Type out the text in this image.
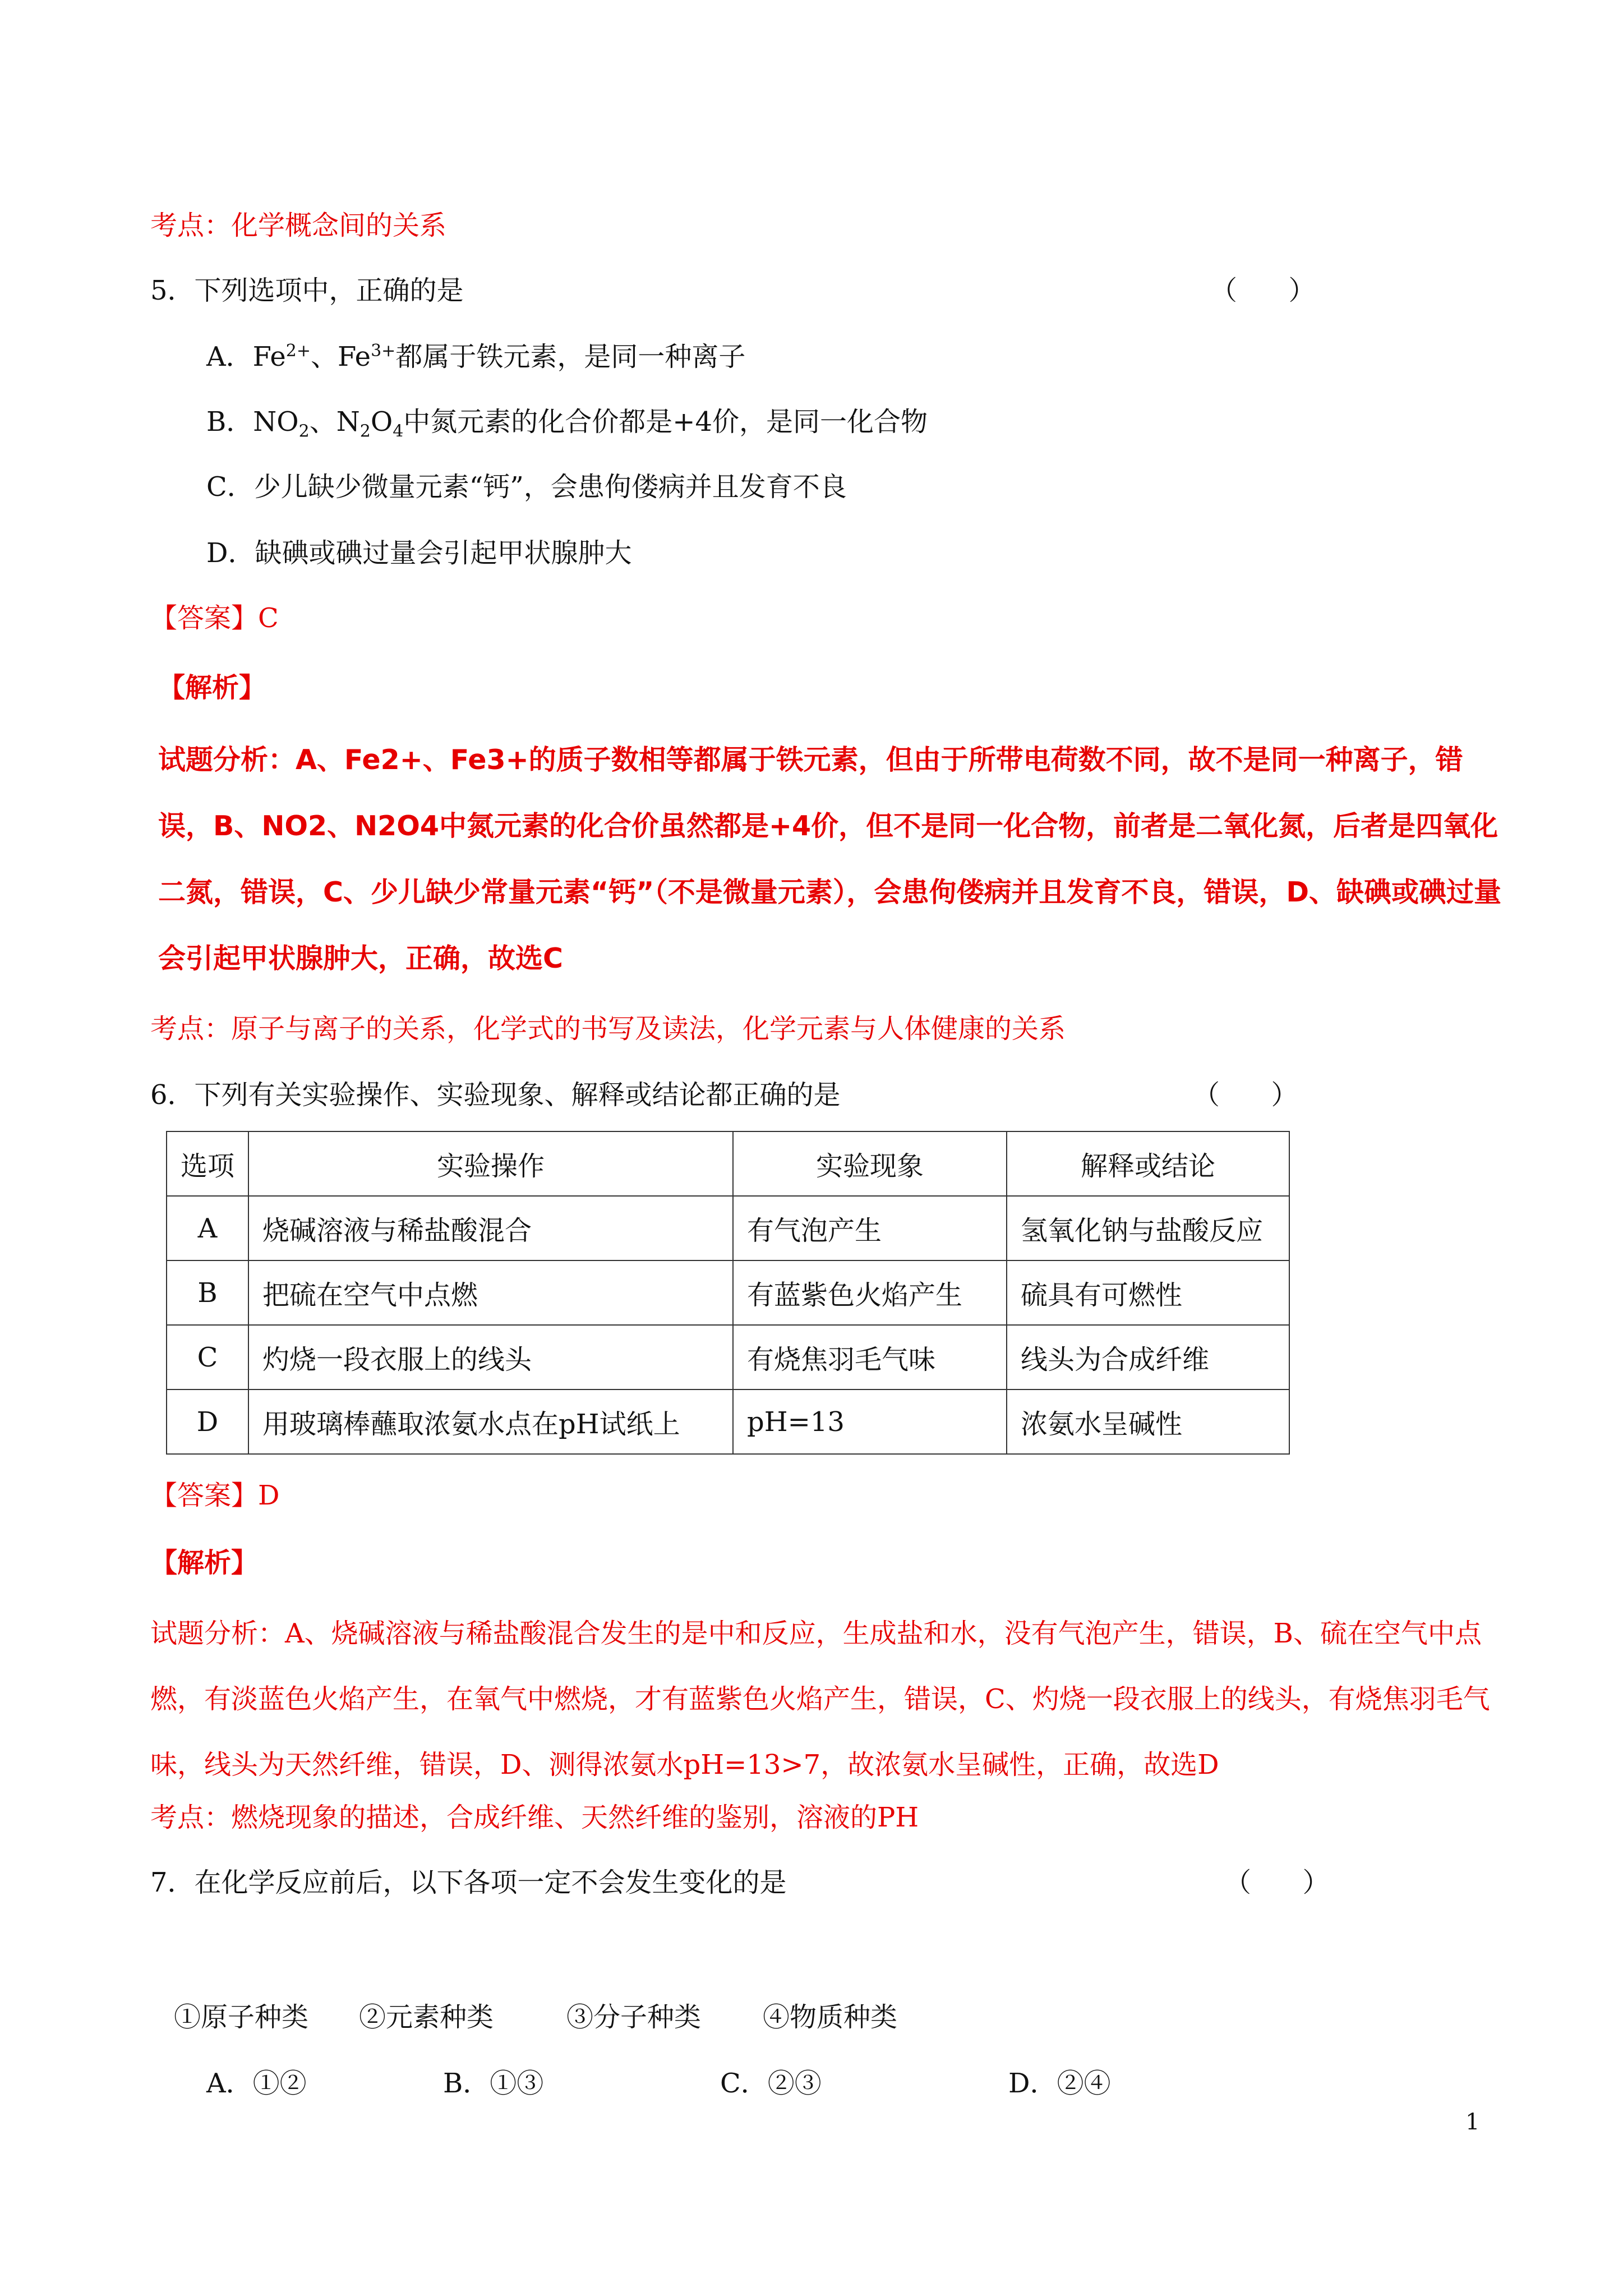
考点：化学概念间的关系
5．下列选项中，正确的是	（      ）
A．$Fe^{2+}$、$Fe^{3+}$都属于铁元素，是同一种离子
B．$NO_2$、$N_2O_4$中氮元素的化合价都是+4价，是同一化合物
C．少儿缺少微量元素“钙”，会患佝偻病并且发育不良
D．缺碘或碘过量会引起甲状腺肿大
【答案】C
【解析】
试题分析：A、Fe2+、Fe3+的质子数相等都属于铁元素，但由于所带电荷数不同，故不是同一种离子，错误，B、NO2、N2O4中氮元素的化合价虽然都是+4价，但不是同一化合物，前者是二氧化氮，后者是四氧化二氮，错误，C、少儿缺少常量元素“钙”（不是微量元素），会患佝偻病并且发育不良，错误，D、缺碘或碘过量会引起甲状腺肿大，正确，故选C
考点：原子与离子的关系，化学式的书写及读法，化学元素与人体健康的关系
6．下列有关实验操作、实验现象、解释或结论都正确的是	（      ）
选项	实验操作	实验现象	解释或结论
A	烧碱溶液与稀盐酸混合	有气泡产生	氢氧化钠与盐酸反应
B	把硫在空气中点燃	有蓝紫色火焰产生	硫具有可燃性
C	灼烧一段衣服上的线头	有烧焦羽毛气味	线头为合成纤维
D	用玻璃棒蘸取浓氨水点在pH试纸上	pH=13	浓氨水呈碱性
【答案】D
【解析】
试题分析：A、烧碱溶液与稀盐酸混合发生的是中和反应，生成盐和水，没有气泡产生，错误，B、硫在空气中点燃，有淡蓝色火焰产生，在氧气中燃烧，才有蓝紫色火焰产生，错误，C、灼烧一段衣服上的线头，有烧焦羽毛气味，线头为天然纤维，错误，D、测得浓氨水pH=13>7，故浓氨水呈碱性，正确，故选D
考点：燃烧现象的描述，合成纤维、天然纤维的鉴别，溶液的PH
7．在化学反应前后，以下各项一定不会发生变化的是	（      ）
①原子种类 ②元素种类	③分子种类 ④物质种类
A．①②	B．①③	C．②③	D．②④
1
